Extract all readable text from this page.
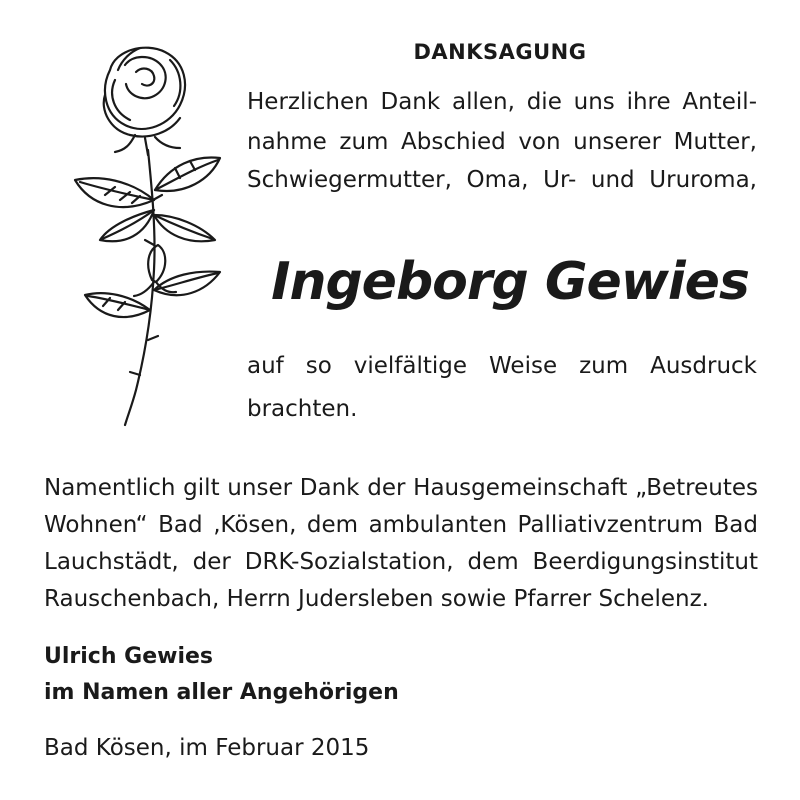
DANKSAGUNG
Herzlichen Dank allen, die uns ihre Anteil-
nahme zum Abschied von unserer Mutter,
Schwiegermutter, Oma, Ur- und Ururoma,
Ingeborg Gewies
auf so vielfältige Weise zum Ausdruck
brachten.
Namentlich gilt unser Dank der Hausgemeinschaft „Betreutes
Wohnen“ Bad ‚Kösen, dem ambulanten Palliativzentrum Bad
Lauchstädt, der DRK-Sozialstation, dem Beerdigungsinstitut
Rauschenbach, Herrn Judersleben sowie Pfarrer Schelenz.
Ulrich Gewies
im Namen aller Angehörigen
Bad Kösen, im Februar 2015
